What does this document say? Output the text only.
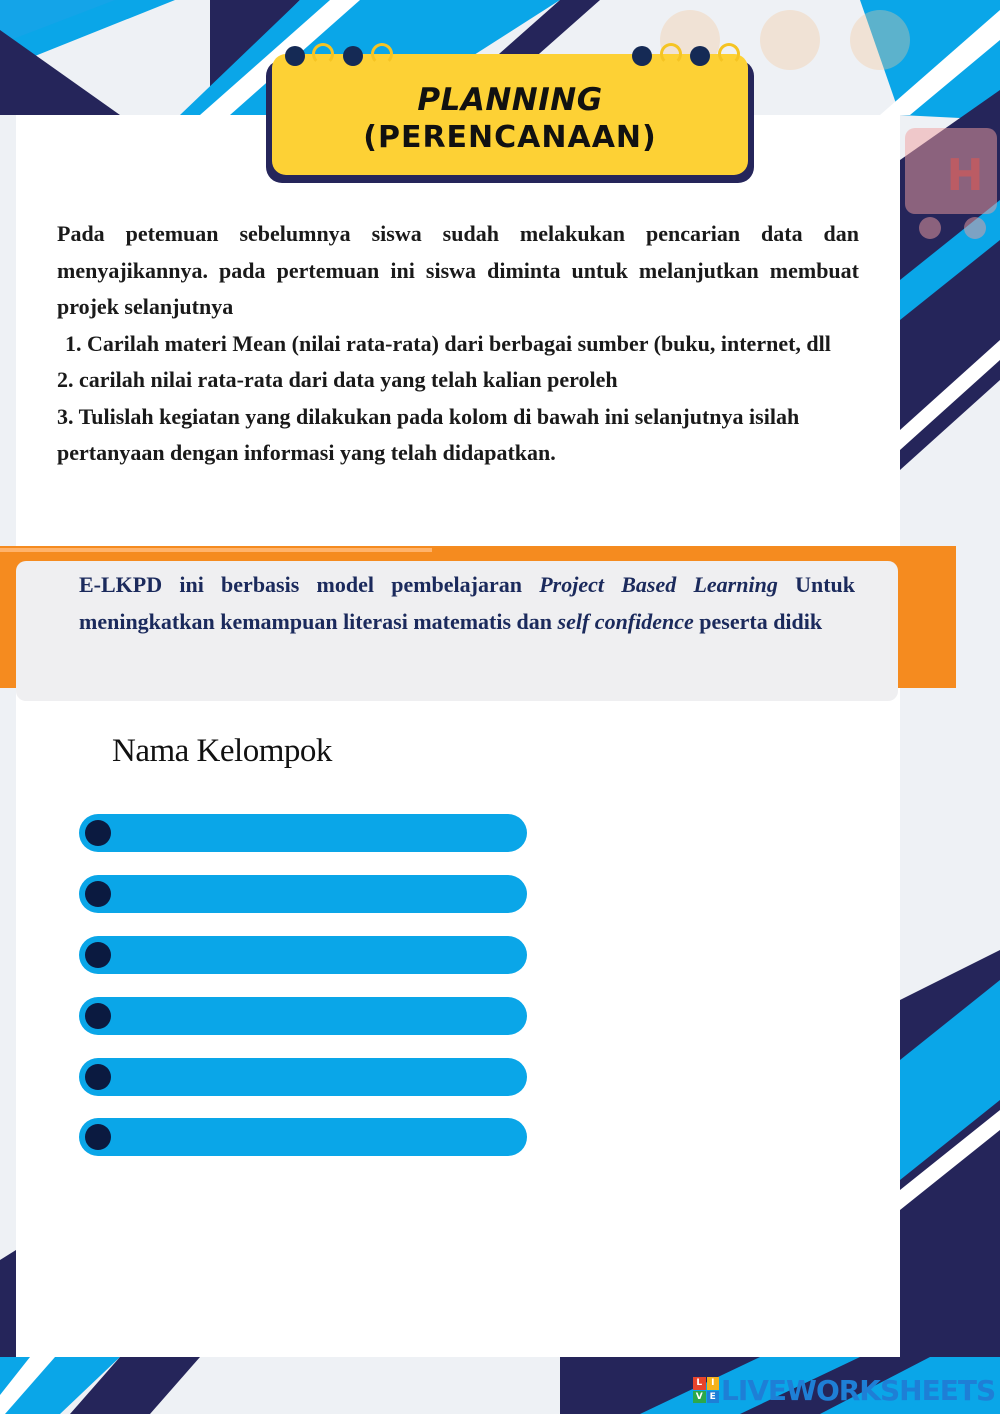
H
PLANNING
(PERENCANAAN)

Pada petemuan sebelumnya siswa sudah melakukan pencarian data dan menyajikannya. pada pertemuan ini siswa diminta untuk melanjutkan membuat projek selanjutnya

1. Carilah materi Mean (nilai rata-rata) dari berbagai sumber (buku, internet, dll

2. carilah nilai rata-rata dari data yang telah kalian peroleh

3. Tulislah kegiatan yang dilakukan pada kolom di bawah ini selanjutnya isilah pertanyaan dengan informasi yang telah didapatkan.

E-LKPD ini berbasis model pembelajaran Project Based Learning Untuk meningkatkan kemampuan literasi matematis dan self confidence peserta didik
Nama Kelompok
L I
V E LIVEWORKSHEETS
